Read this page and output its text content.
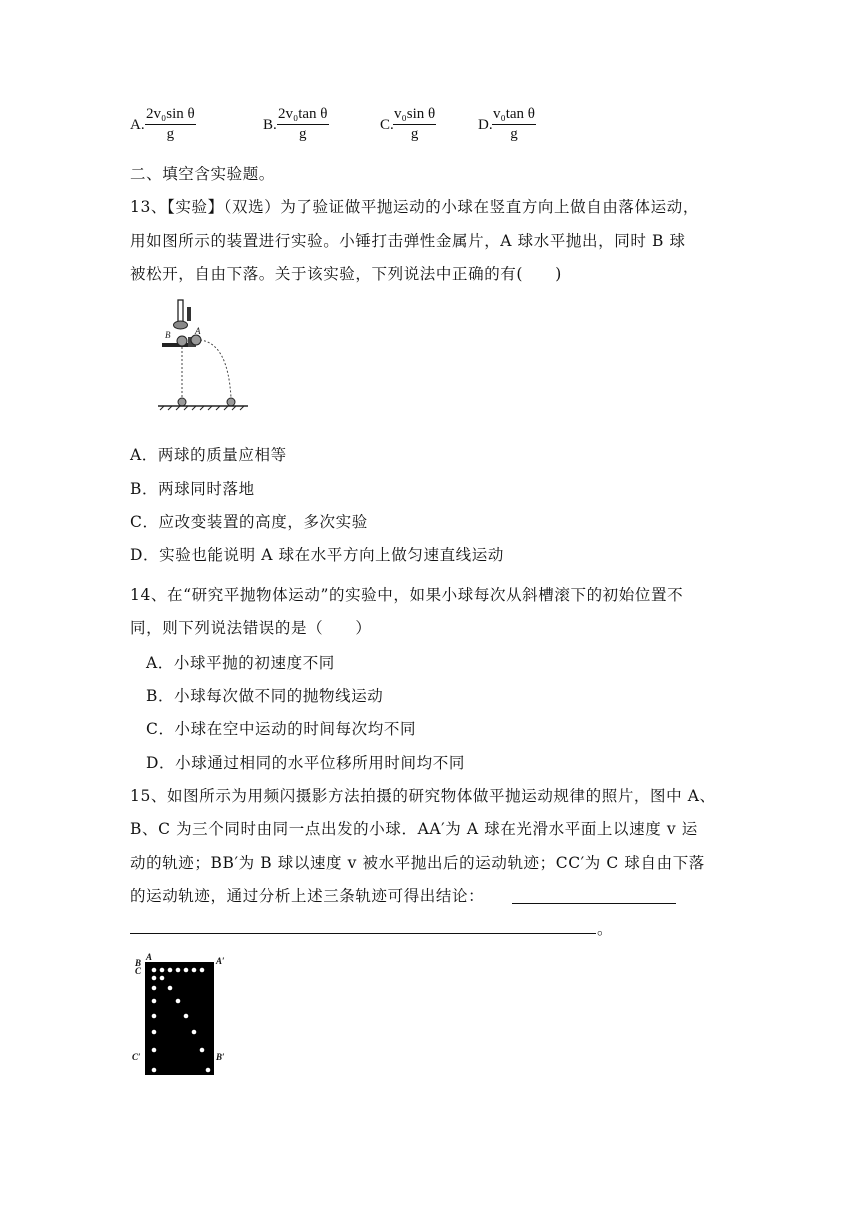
A. $\frac{\text{2v₀sin θ}}{g}$	B. $\frac{\text{2v₀tan θ}}{g}$	C. $\frac{\text{v₀sin θ}}{g}$	D. $\frac{\text{v₀tan θ}}{g}$
二、填空含实验题。
13、【实验】（双选）为了验证做平抛运动的小球在竖直方向上做自由落体运动，
用如图所示的装置进行实验。小锤打击弹性金属片，A 球水平抛出，同时 B 球
被松开，自由下落。关于该实验，下列说法中正确的有(　　)
B	A
A．两球的质量应相等
B．两球同时落地
C．应改变装置的高度，多次实验
D．实验也能说明 A 球在水平方向上做匀速直线运动
14、在“研究平抛物体运动”的实验中，如果小球每次从斜槽滚下的初始位置不
同，则下列说法错误的是（　　）
A．小球平抛的初速度不同
B．小球每次做不同的抛物线运动
C．小球在空中运动的时间每次均不同
D．小球通过相同的水平位移所用时间均不同
15、如图所示为用频闪摄影方法拍摄的研究物体做平抛运动规律的照片，图中 A、
B、C 为三个同时由同一点出发的小球．AA′为 A 球在光滑水平面上以速度 v 运
动的轨迹；BB′为 B 球以速度 v 被水平抛出后的运动轨迹；CC′为 C 球自由下落
的运动轨迹，通过分析上述三条轨迹可得出结论：
。
A	A′
B
C
C′	B′
